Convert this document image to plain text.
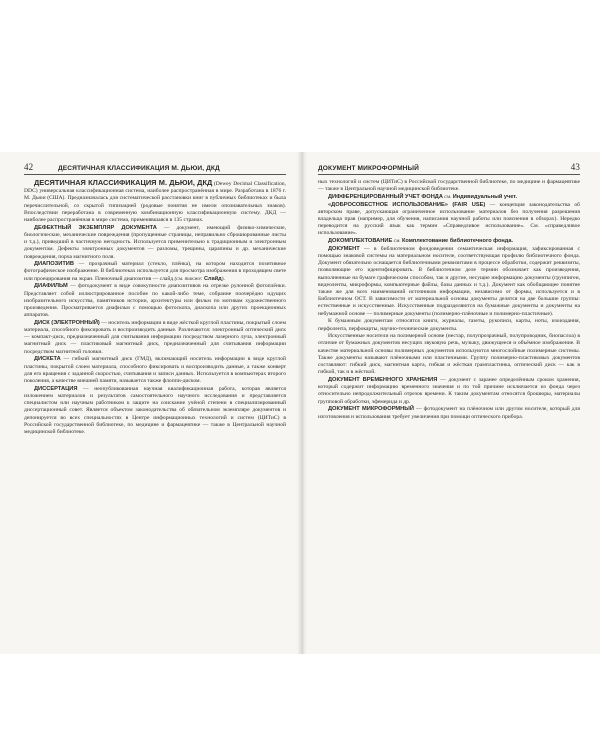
42	ДЕСЯТИЧНАЯ КЛАССИФИКАЦИЯ М. ДЬЮИ, ДКД

ДЕСЯТИЧНАЯ КЛАССИФИКАЦИЯ М. ДЬЮИ, ДКД (Dewey Decimal Classification, DDC) универсальная классификационная система, наиболее распространённая в мире. Разработана в 1876 г. М. Дьюи (США). Предназначалась для систематической расстановки книг в публичных библиотеках и была перечислительной, со скрытой типизацией (родовые понятия не имели опознавательных знаков). Впоследствии переработана в современную комбинационную классификационную систему. ДКД — наиболее распространённая в мире система, применявшаяся в 135 странах.

ДЕФЕКТНЫЙ ЭКЗЕМПЛЯР ДОКУМЕНТА — документ, имеющий физико-химические, биологические, механические повреждения (пропущенные страницы, неправильно сброшюрованные листы и т.д.), приведший в частичную негодность. Используется применительно к традиционным и электронным документам. Дефекты электронных документов — разломы, трещины, царапины и др. механические повреждения, порча магнитного поля.

ДИАПОЗИТИВ — прозрачный материал (стекло, плёнка), на котором находится позитивное фотографическое изображение. В библиотеках используется для просмотра изображения в проходящем свете или проецирования на экран. Пленочный диапозитив — слайд (см. также: Слайд).

ДИАФИЛЬМ — фотодокумент в виде совокупности диапозитивов на отрезке рулонной фотоплёнки. Представляет собой иллюстрированное пособие по какой-либо теме, собрание поочерёдно идущих изобразительного искусства, памятников истории, архитектуры или фильм по мотивам художественного произведения. Просматривается диафильм с помощью фотоскопа, диаскопа или других проекционных аппаратов.

ДИСК (ЭЛЕКТРОННЫЙ) — носитель информации в виде жёсткой круглой пластины, покрытый слоем материала, способного фиксировать и воспроизводить данные. Различаются: электронный оптический диск — компакт-диск, предназначенный для считывания информации посредством лазерного луча, электронный магнитный диск — пластиковый магнитный диск, предназначенный для считывания информации посредством магнитной головки.

ДИСКЕТА — гибкий магнитный диск (ГМД), включающий носитель информации в виде круглой пластины, покрытой слоем материала, способного фиксировать и воспроизводить данные, а также конверт для его вращения с заданной скоростью, считывания и записи данных. Используется в компьютерах второго поколения, а качестве внешней памяти, называется также флоппи-диском.

ДИССЕРТАЦИЯ — неопубликованная научная квалификационная работа, которая является изложением материалов и результатов самостоятельного научного исследования и представляется специалистом или научным работником к защите на соискание учёной степени в специализированный диссертационный совет. Является объектом законодательства об обязательном экземпляре документов и депонируется во всех специальностях в Центре информационных технологий и систем (ЦИТиС) в Российской государственной библиотеке, по медицине и фармацевтике — также в Центральной научной медицинской библиотеке.

ДОКУМЕНТ МИКРОФОРМНЫЙ	43

ных технологий и систем (ЦИТиС) в Российской государственной библиотеке, по медицине и фармацевтике — также в Центральной научной медицинской библиотеке.

ДИФФЕРЕНЦИРОВАННЫЙ УЧЕТ ФОНДА см. Индивидуальный учет.

«ДОБРОСОВЕСТНОЕ ИСПОЛЬЗОВАНИЕ» (FAIR USE) — концепция законодательства об авторском праве, допускающая ограниченное использование материалов без получения разрешения владельца прав (например, для обучения, написания научной работы или пояснения в обзорах). Нередко переводится на русский язык как термин «Справедливое использование». См. «справедливое использование».

ДОКОМПЛЕКТОВАНИЕ см. Комплектование библиотечного фонда.

ДОКУМЕНТ — в библиотечном фондоведении семантическая информация, зафиксированная с помощью знаковой системы на материальном носителе, соответствующая профилю библиотечного фонда. Документ обязательно оснащается библиотечными реквизитами в процессе обработки, содержит реквизиты, позволяющие его идентифицировать. В библиотечном деле термин обозначает как произведения, выполненные на бумаге графическим способом, так и другие, несущие информацию документы (грунпигеи, видеоленты, микроформы, компьютерные файлы, базы данных и т.д.). Документ как обобщающее понятие также же для всех наименований источников информации, независимо от формы, используется и в Библиотечном ОСТ. В зависимости от материальной основы документы делятся на две большие группы: естественные и искусственные. Искусственные подразделяются на бумажные документы и документы на небумажной основе — полимерные документы (полимерно-плёночные и полимерно-пластичные).

К бумажным документам относятся книги, журналы, газеты, рукописи, карты, ноты, изоиздания, перфолента, перфокарты, научно-технические документы.

Искусственные носители на полимерной основе (нестар, полупрозрачный, полупроводник, биопаслоа) в отличие от бумажных документов несущих звуковую речь, музыку, движущееся и объёмное изображение. В качестве материальной основы полимерных документов используются многослойные полимерные системы. Также документы называют плёночными или пластичными. Группу полимерно-пластиковых документов составляют: гибкий диск, магнитная карта, гибкая и жёсткая грампластинка, оптический диск — как в гибкой, так и в жёсткой.

ДОКУМЕНТ ВРЕМЕННОГО ХРАНЕНИЯ — документ с заранее определённым сроком хранения, который содержит информацию временного значения и по той причине исключается из фонда через относительно непродолжительный отрезок времени. К таким документам относятся брошюры, материалы групповой обработки, эфемерида и др.

ДОКУМЕНТ МИКРОФОРМНЫЙ — фотодокумент на плёночном или другом носителе, который для изготовления и использования требует увеличения при помощи оптического прибора.
